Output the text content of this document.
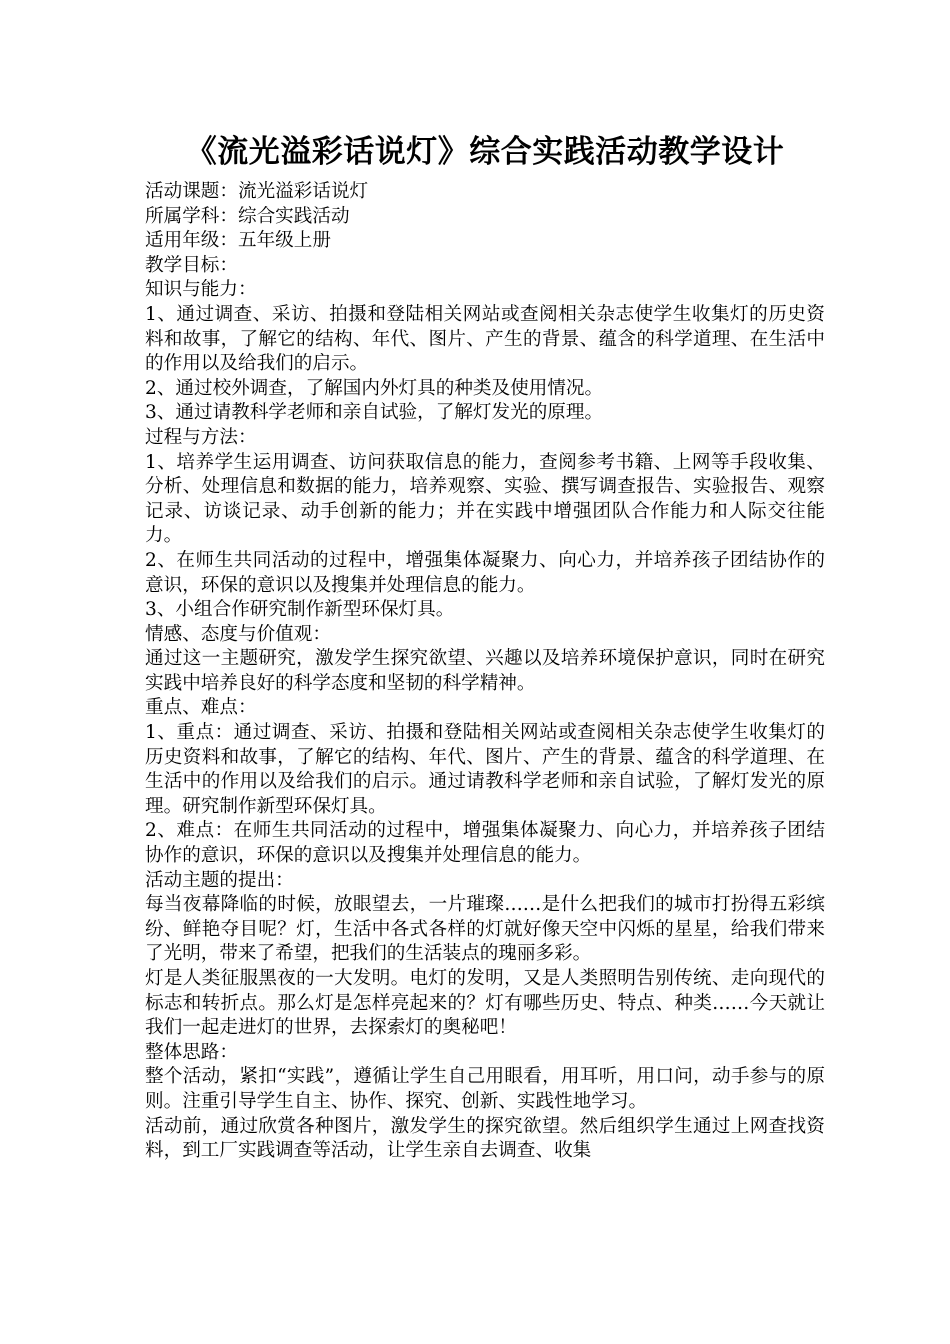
《流光溢彩话说灯》综合实践活动教学设计

活动课题：流光溢彩话说灯

所属学科：综合实践活动

适用年级：五年级上册

教学目标：

知识与能力：

1、通过调查、采访、拍摄和登陆相关网站或查阅相关杂志使学生收集灯的历史资料和故事，了解它的结构、年代、图片、产生的背景、蕴含的科学道理、在生活中的作用以及给我们的启示。

2、通过校外调查，了解国内外灯具的种类及使用情况。

3、通过请教科学老师和亲自试验，了解灯发光的原理。

过程与方法：

1、培养学生运用调查、访问获取信息的能力，查阅参考书籍、上网等手段收集、分析、处理信息和数据的能力，培养观察、实验、撰写调查报告、实验报告、观察记录、访谈记录、动手创新的能力；并在实践中增强团队合作能力和人际交往能力。

2、在师生共同活动的过程中，增强集体凝聚力、向心力，并培养孩子团结协作的意识，环保的意识以及搜集并处理信息的能力。

3、小组合作研究制作新型环保灯具。

情感、态度与价值观：

通过这一主题研究，激发学生探究欲望、兴趣以及培养环境保护意识，同时在研究实践中培养良好的科学态度和坚韧的科学精神。

重点、难点：

1、重点：通过调查、采访、拍摄和登陆相关网站或查阅相关杂志使学生收集灯的历史资料和故事，了解它的结构、年代、图片、产生的背景、蕴含的科学道理、在生活中的作用以及给我们的启示。通过请教科学老师和亲自试验，了解灯发光的原理。研究制作新型环保灯具。

2、难点：在师生共同活动的过程中，增强集体凝聚力、向心力，并培养孩子团结协作的意识，环保的意识以及搜集并处理信息的能力。

活动主题的提出：

每当夜幕降临的时候，放眼望去，一片璀璨……是什么把我们的城市打扮得五彩缤纷、鲜艳夺目呢？灯，生活中各式各样的灯就好像天空中闪烁的星星，给我们带来了光明，带来了希望，把我们的生活装点的瑰丽多彩。

灯是人类征服黑夜的一大发明。电灯的发明，又是人类照明告别传统、走向现代的标志和转折点。那么灯是怎样亮起来的？灯有哪些历史、特点、种类……今天就让我们一起走进灯的世界，去探索灯的奥秘吧！

整体思路：

整个活动，紧扣“实践”，遵循让学生自己用眼看，用耳听，用口问，动手参与的原则。注重引导学生自主、协作、探究、创新、实践性地学习。

活动前，通过欣赏各种图片，激发学生的探究欲望。然后组织学生通过上网查找资料，到工厂实践调查等活动，让学生亲自去调查、收集
